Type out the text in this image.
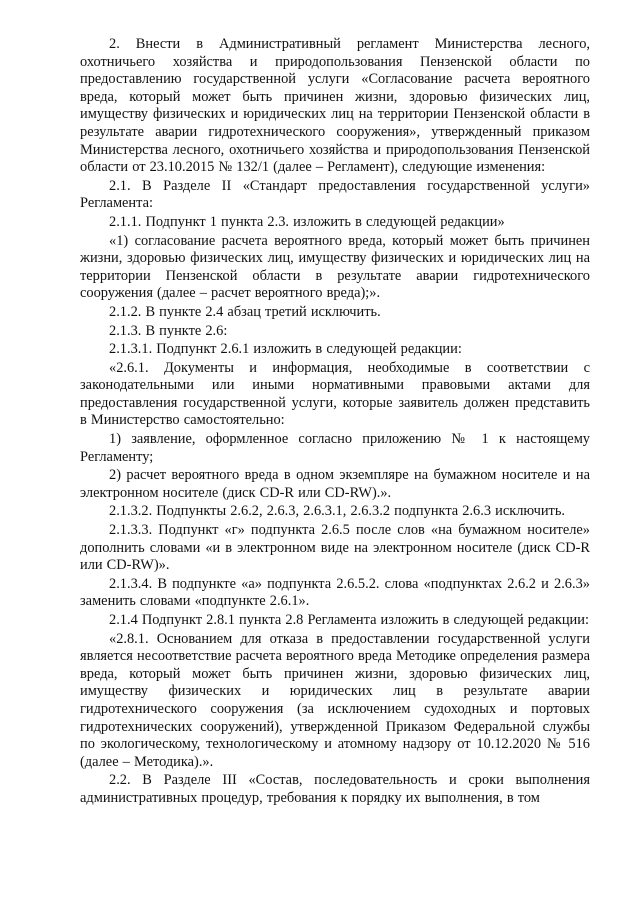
2. Внести в Административный регламент Министерства лесного, охотничьего хозяйства и природопользования Пензенской области по предоставлению государственной услуги «Согласование расчета вероятного вреда, который может быть причинен жизни, здоровью физических лиц, имуществу физических и юридических лиц на территории Пензенской области в результате аварии гидротехнического сооружения», утвержденный приказом Министерства лесного, охотничьего хозяйства и природопользования Пензенской области от 23.10.2015 № 132/1 (далее – Регламент), следующие изменения:

2.1. В Разделе II «Стандарт предоставления государственной услуги» Регламента:

2.1.1. Подпункт 1 пункта 2.3. изложить в следующей редакции»

«1) согласование расчета вероятного вреда, который может быть причинен жизни, здоровью физических лиц, имуществу физических и юридических лиц на территории Пензенской области в результате аварии гидротехнического сооружения (далее – расчет вероятного вреда);».

2.1.2. В пункте 2.4 абзац третий исключить.

2.1.3. В пункте 2.6:

2.1.3.1. Подпункт 2.6.1 изложить в следующей редакции:

«2.6.1. Документы и информация, необходимые в соответствии с законодательными или иными нормативными правовыми актами для предоставления государственной услуги, которые заявитель должен представить в Министерство самостоятельно:

1) заявление, оформленное согласно приложению № 1 к настоящему Регламенту;

2) расчет вероятного вреда в одном экземпляре на бумажном носителе и на электронном носителе (диск CD-R или CD-RW).».

2.1.3.2. Подпункты 2.6.2, 2.6.3, 2.6.3.1, 2.6.3.2 подпункта 2.6.3 исключить.

2.1.3.3. Подпункт «г» подпункта 2.6.5 после слов «на бумажном носителе» дополнить словами «и в электронном виде на электронном носителе (диск CD-R или CD-RW)».

2.1.3.4. В подпункте «а» подпункта 2.6.5.2. слова «подпунктах 2.6.2 и 2.6.3» заменить словами «подпункте 2.6.1».

2.1.4 Подпункт 2.8.1 пункта 2.8 Регламента изложить в следующей редакции:

«2.8.1. Основанием для отказа в предоставлении государственной услуги является несоответствие расчета вероятного вреда Методике определения размера вреда, который может быть причинен жизни, здоровью физических лиц, имуществу физических и юридических лиц в результате аварии гидротехнического сооружения (за исключением судоходных и портовых гидротехнических сооружений), утвержденной Приказом Федеральной службы по экологическому, технологическому и атомному надзору от 10.12.2020 № 516 (далее – Методика).».

2.2. В Разделе III «Состав, последовательность и сроки выполнения административных процедур, требования к порядку их выполнения, в том
